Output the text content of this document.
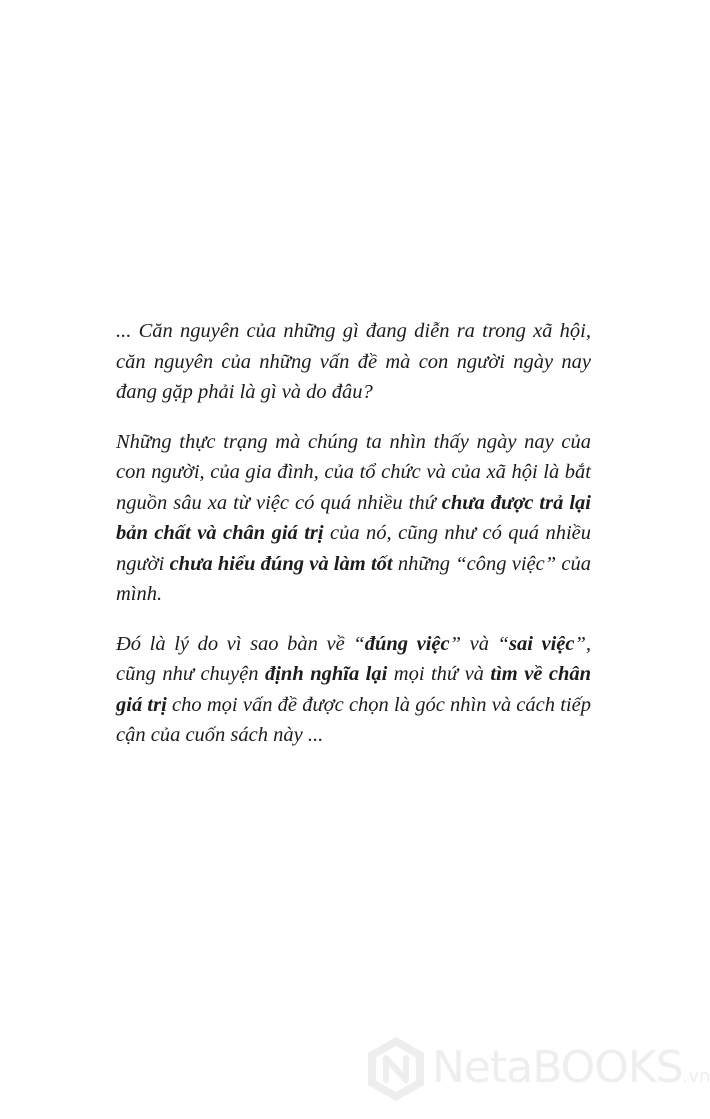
... Căn nguyên của những gì đang diễn ra trong xã hội, căn nguyên của những vấn đề mà con người ngày nay đang gặp phải là gì và do đâu?

Những thực trạng mà chúng ta nhìn thấy ngày nay của con người, của gia đình, của tổ chức và của xã hội là bắt nguồn sâu xa từ việc có quá nhiều thứ chưa được trả lại bản chất và chân giá trị của nó, cũng như có quá nhiều người chưa hiểu đúng và làm tốt những “công việc” của mình.

Đó là lý do vì sao bàn về “đúng việc” và “sai việc”, cũng như chuyện định nghĩa lại mọi thứ và tìm về chân giá trị cho mọi vấn đề được chọn là góc nhìn và cách tiếp cận của cuốn sách này ...

NetaBOOKS.vn
